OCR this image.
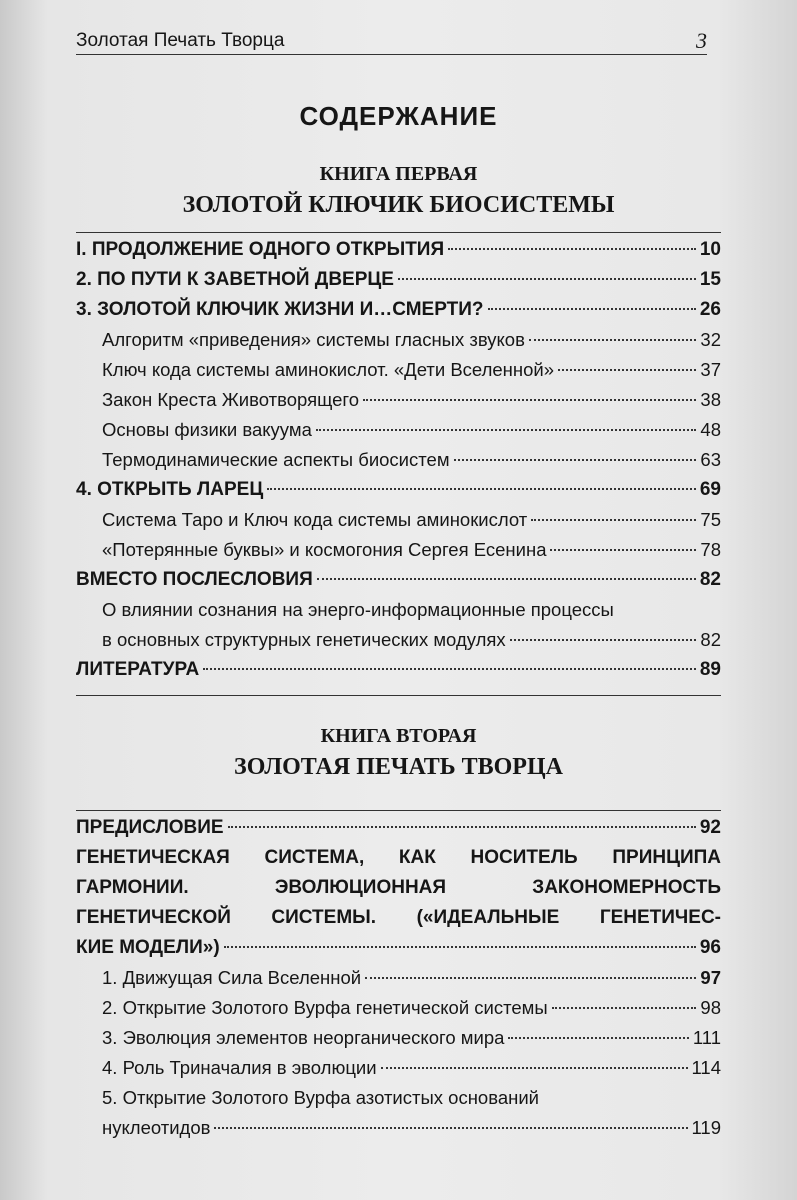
Золотая Печать Творца	3
СОДЕРЖАНИЕ
КНИГА ПЕРВАЯ
ЗОЛОТОЙ КЛЮЧИК БИОСИСТЕМЫ
I. ПРОДОЛЖЕНИЕ ОДНОГО ОТКРЫТИЯ	10
2. ПО ПУТИ К ЗАВЕТНОЙ ДВЕРЦЕ	15
3. ЗОЛОТОЙ КЛЮЧИК ЖИЗНИ И…СМЕРТИ?	26
Алгоритм «приведения» системы гласных звуков	32
Ключ кода системы аминокислот. «Дети Вселенной»	37
Закон Креста Животворящего	38
Основы физики вакуума	48
Термодинамические аспекты биосистем	63
4. ОТКРЫТЬ ЛАРЕЦ	69
Система Таро и Ключ кода системы аминокислот	75
«Потерянные буквы» и космогония Сергея Есенина	78
ВМЕСТО ПОСЛЕСЛОВИЯ	82
О влиянии сознания на энерго-информационные процессы
в основных структурных генетических модулях	82
ЛИТЕРАТУРА	89
КНИГА ВТОРАЯ
ЗОЛОТАЯ ПЕЧАТЬ ТВОРЦА
ПРЕДИСЛОВИЕ	92
ГЕНЕТИЧЕСКАЯ СИСТЕМА, КАК НОСИТЕЛЬ ПРИНЦИПА
ГАРМОНИИ. ЭВОЛЮЦИОННАЯ ЗАКОНОМЕРНОСТЬ
ГЕНЕТИЧЕСКОЙ СИСТЕМЫ. («ИДЕАЛЬНЫЕ ГЕНЕТИЧЕС-
КИЕ МОДЕЛИ»)	96
1. Движущая Сила Вселенной	97
2. Открытие Золотого Вурфа генетической системы	98
3. Эволюция элементов неорганического мира	111
4. Роль Триначалия в эволюции	114
5. Открытие Золотого Вурфа азотистых оснований
нуклеотидов	119
